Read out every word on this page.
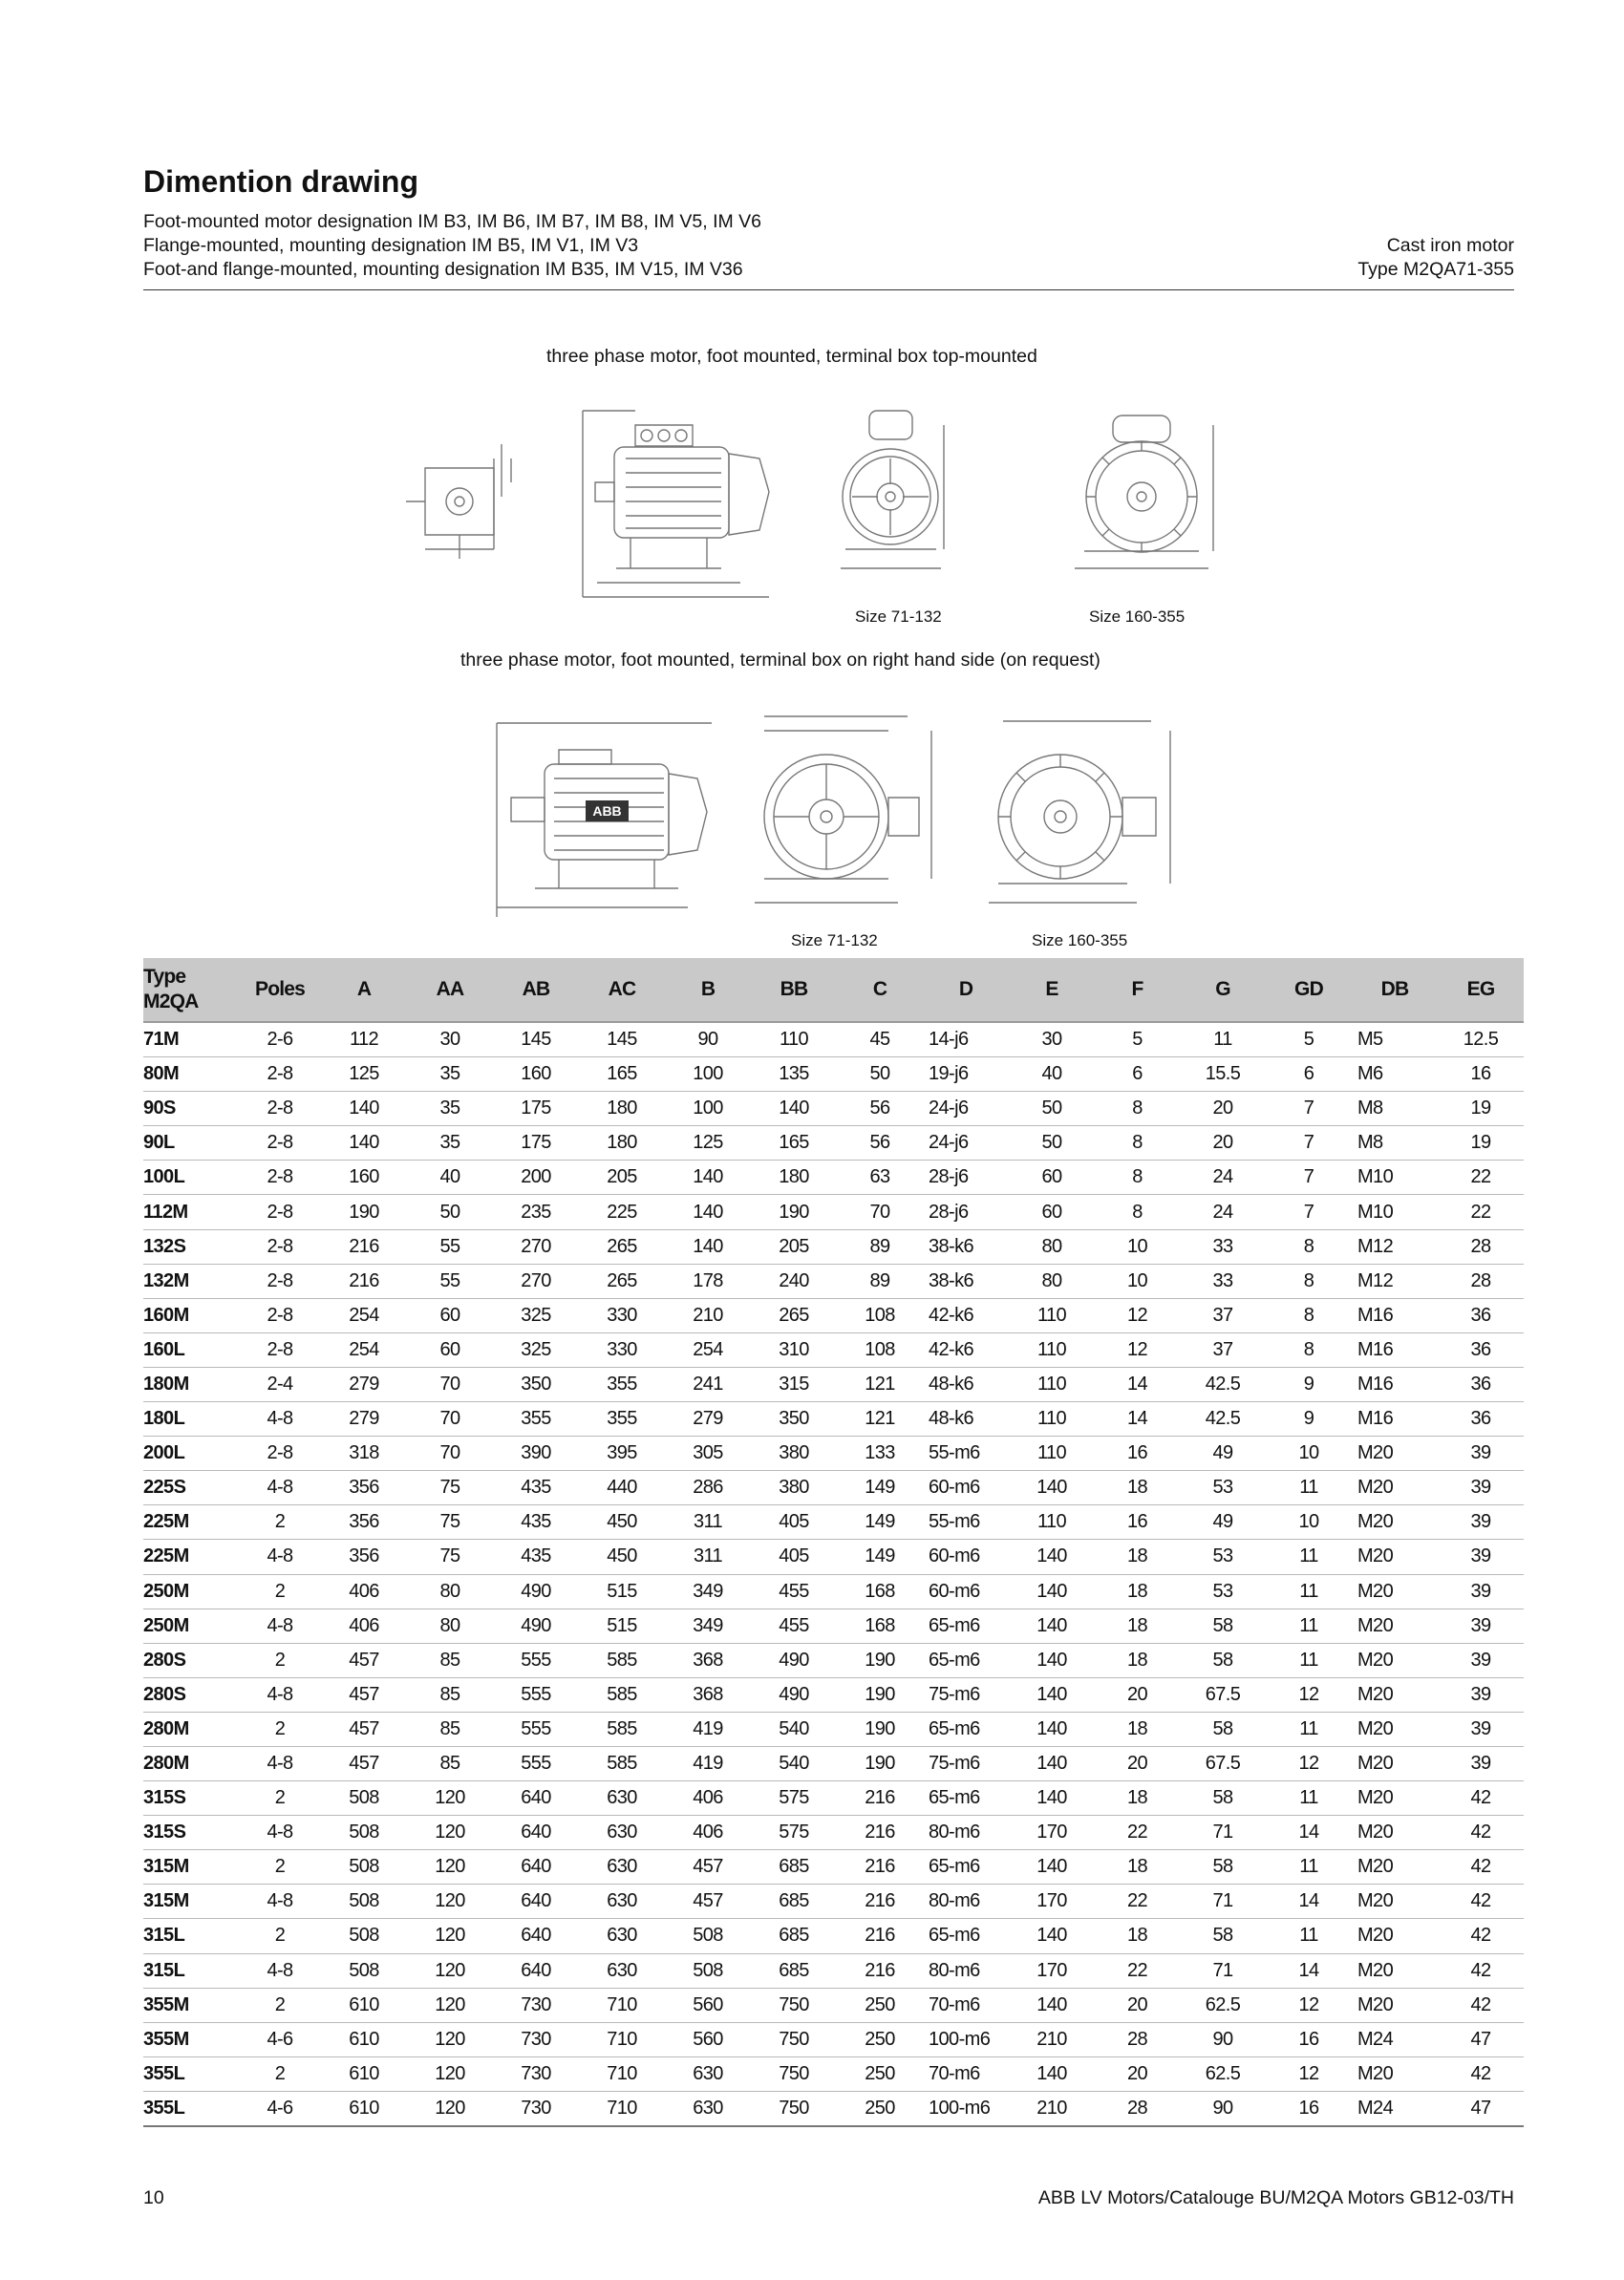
Dimention drawing
Foot-mounted motor designation IM B3, IM B6, IM B7, IM B8, IM V5, IM V6
Flange-mounted, mounting designation IM B5, IM V1, IM V3
Foot-and flange-mounted, mounting designation IM B35, IM V15, IM V36
Cast iron motor
Type M2QA71-355
three phase motor, foot mounted, terminal box top-mounted
Size 71-132	Size 160-355
three phase motor, foot mounted, terminal box on right hand side (on request)
ABB
Size 71-132	Size 160-355
Type
M2QA	Poles	A	AA	AB	AC	B	BB	C	D	E	F	G	GD	DB	EG
71M	2-6	112	30	145	145	90	110	45	14-j6	30	5	11	5	M5	12.5
80M	2-8	125	35	160	165	100	135	50	19-j6	40	6	15.5	6	M6	16
90S	2-8	140	35	175	180	100	140	56	24-j6	50	8	20	7	M8	19
90L	2-8	140	35	175	180	125	165	56	24-j6	50	8	20	7	M8	19
100L	2-8	160	40	200	205	140	180	63	28-j6	60	8	24	7	M10	22
112M	2-8	190	50	235	225	140	190	70	28-j6	60	8	24	7	M10	22
132S	2-8	216	55	270	265	140	205	89	38-k6	80	10	33	8	M12	28
132M	2-8	216	55	270	265	178	240	89	38-k6	80	10	33	8	M12	28
160M	2-8	254	60	325	330	210	265	108	42-k6	110	12	37	8	M16	36
160L	2-8	254	60	325	330	254	310	108	42-k6	110	12	37	8	M16	36
180M	2-4	279	70	350	355	241	315	121	48-k6	110	14	42.5	9	M16	36
180L	4-8	279	70	355	355	279	350	121	48-k6	110	14	42.5	9	M16	36
200L	2-8	318	70	390	395	305	380	133	55-m6	110	16	49	10	M20	39
225S	4-8	356	75	435	440	286	380	149	60-m6	140	18	53	11	M20	39
225M	2	356	75	435	450	311	405	149	55-m6	110	16	49	10	M20	39
225M	4-8	356	75	435	450	311	405	149	60-m6	140	18	53	11	M20	39
250M	2	406	80	490	515	349	455	168	60-m6	140	18	53	11	M20	39
250M	4-8	406	80	490	515	349	455	168	65-m6	140	18	58	11	M20	39
280S	2	457	85	555	585	368	490	190	65-m6	140	18	58	11	M20	39
280S	4-8	457	85	555	585	368	490	190	75-m6	140	20	67.5	12	M20	39
280M	2	457	85	555	585	419	540	190	65-m6	140	18	58	11	M20	39
280M	4-8	457	85	555	585	419	540	190	75-m6	140	20	67.5	12	M20	39
315S	2	508	120	640	630	406	575	216	65-m6	140	18	58	11	M20	42
315S	4-8	508	120	640	630	406	575	216	80-m6	170	22	71	14	M20	42
315M	2	508	120	640	630	457	685	216	65-m6	140	18	58	11	M20	42
315M	4-8	508	120	640	630	457	685	216	80-m6	170	22	71	14	M20	42
315L	2	508	120	640	630	508	685	216	65-m6	140	18	58	11	M20	42
315L	4-8	508	120	640	630	508	685	216	80-m6	170	22	71	14	M20	42
355M	2	610	120	730	710	560	750	250	70-m6	140	20	62.5	12	M20	42
355M	4-6	610	120	730	710	560	750	250	100-m6	210	28	90	16	M24	47
355L	2	610	120	730	710	630	750	250	70-m6	140	20	62.5	12	M20	42
355L	4-6	610	120	730	710	630	750	250	100-m6	210	28	90	16	M24	47
10	ABB LV Motors/Catalouge BU/M2QA Motors GB12-03/TH
